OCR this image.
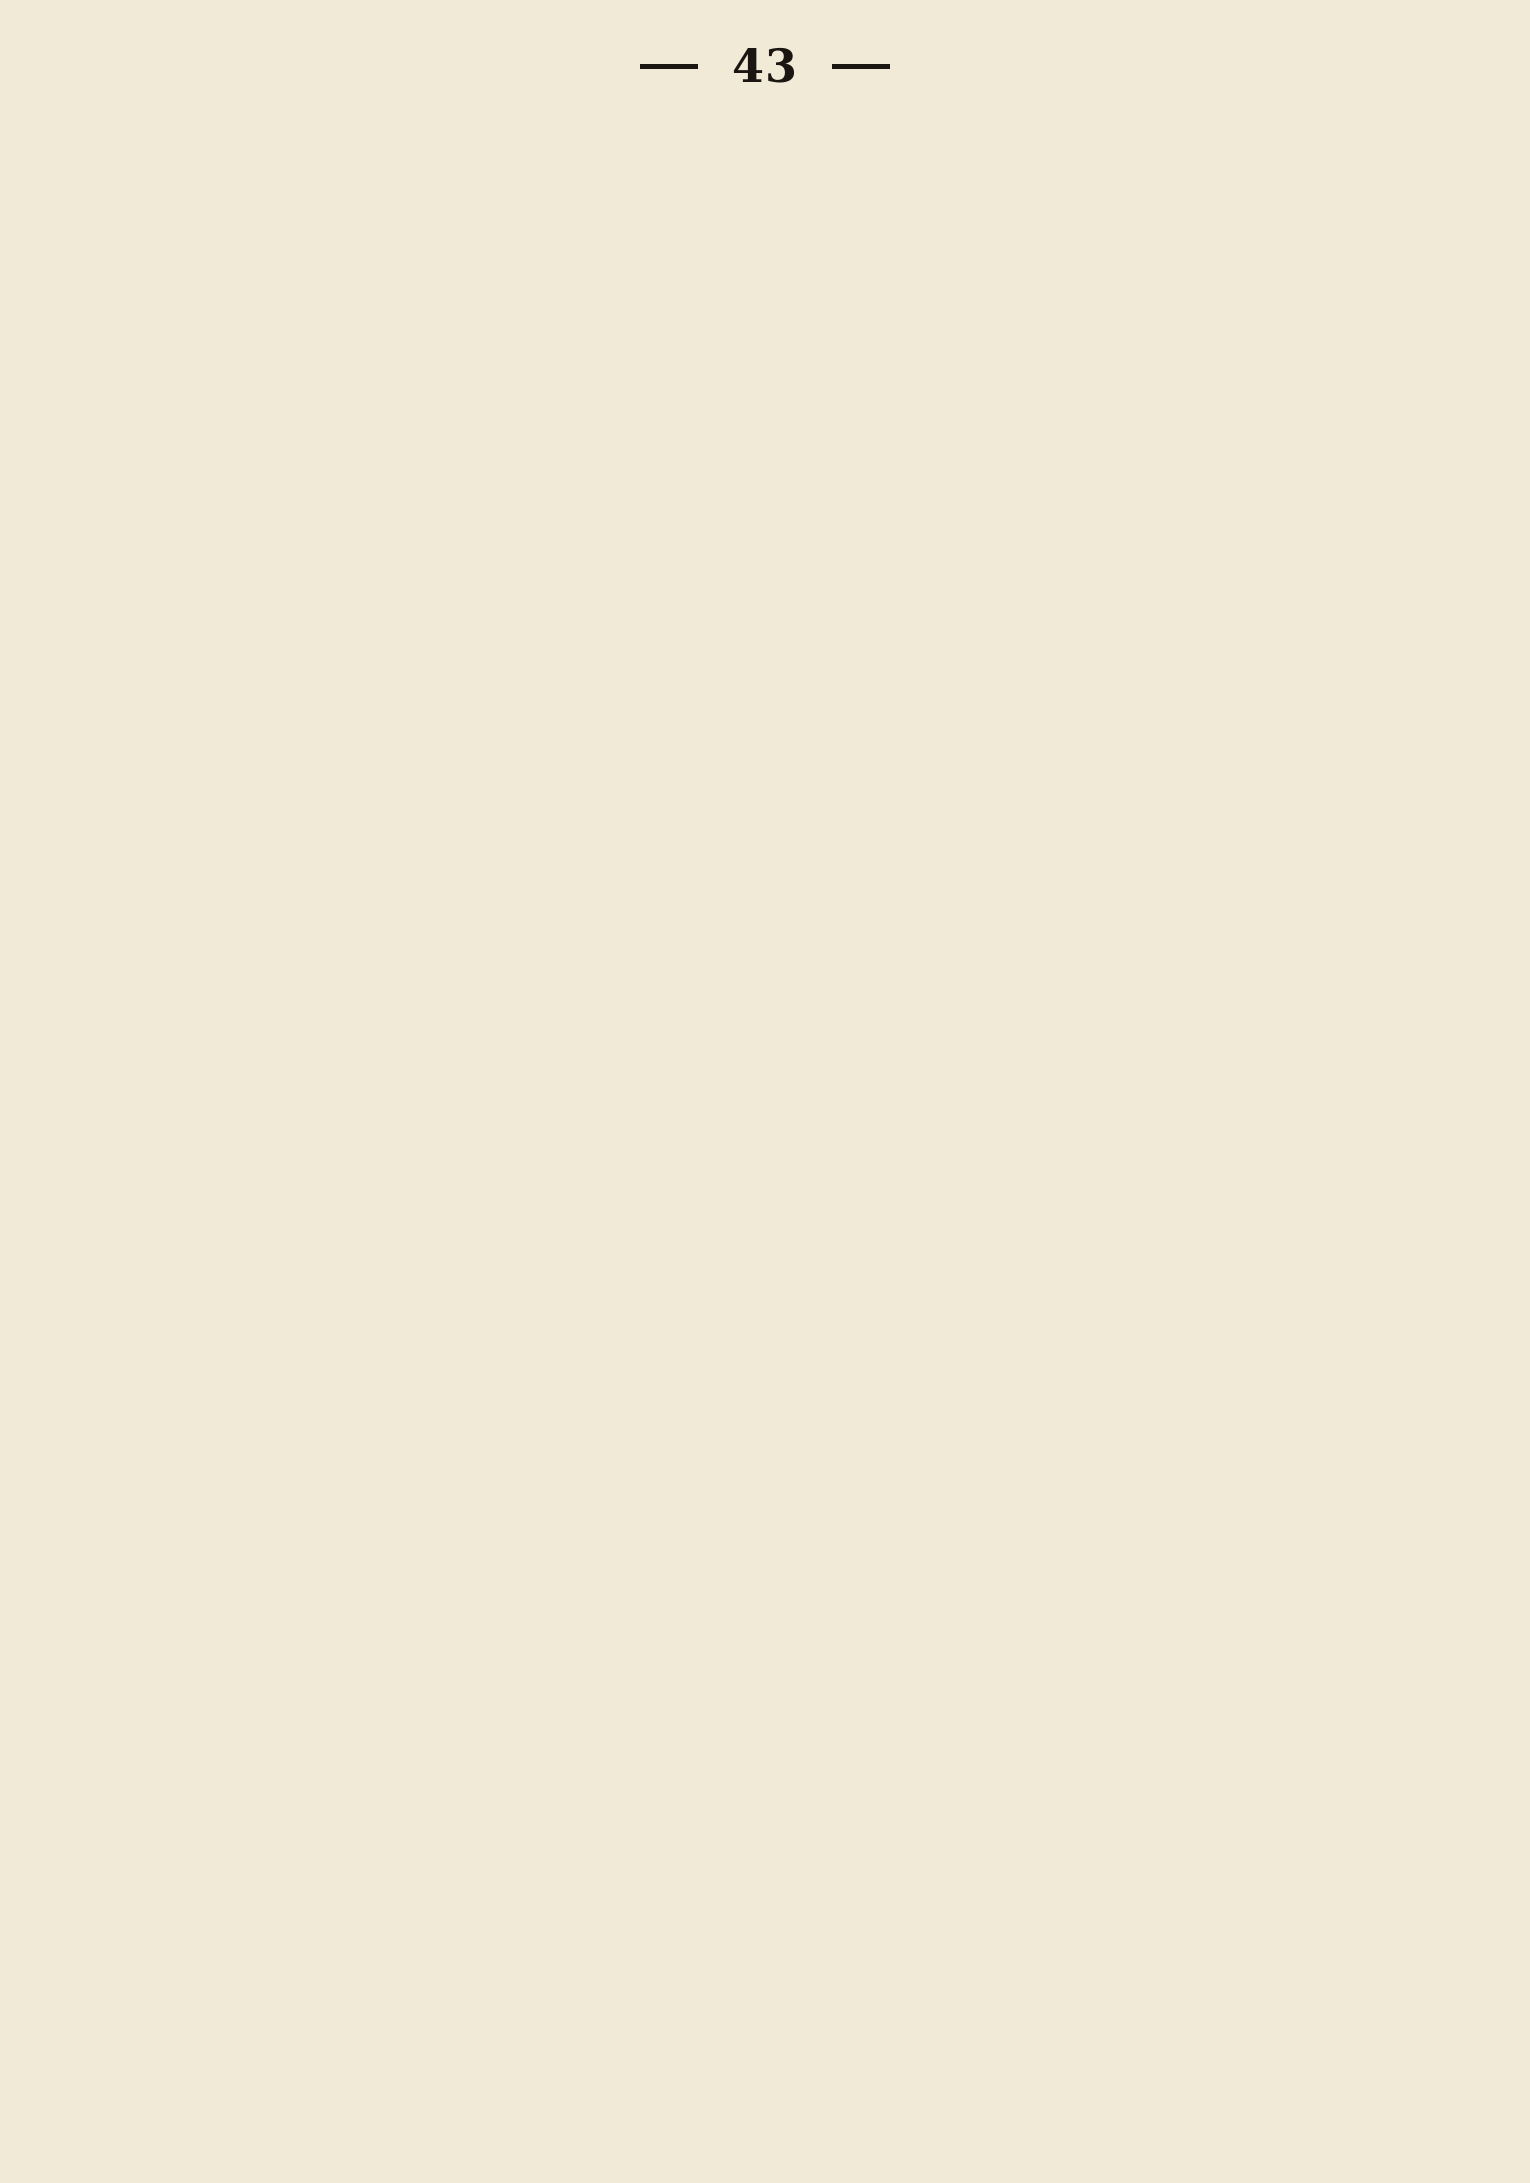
43
